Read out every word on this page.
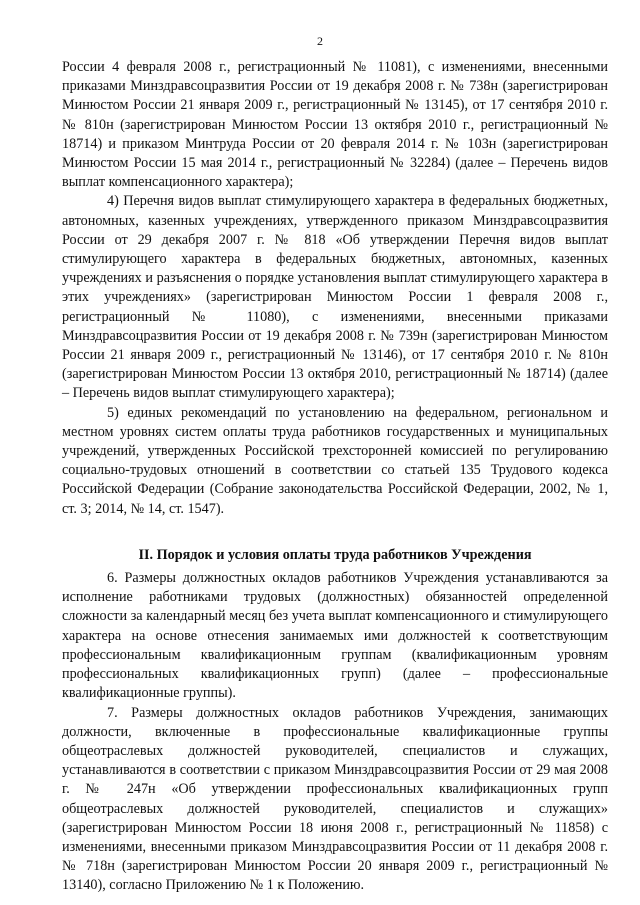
2

России 4 февраля 2008 г., регистрационный № 11081), с изменениями, внесенными приказами Минздравсоцразвития России от 19 декабря 2008 г. № 738н (зарегистрирован Минюстом России 21 января 2009 г., регистрационный № 13145), от 17 сентября 2010 г. № 810н (зарегистрирован Минюстом России 13 октября 2010 г., регистрационный № 18714) и приказом Минтруда России от 20 февраля 2014 г. № 103н (зарегистрирован Минюстом России 15 мая 2014 г., регистрационный № 32284) (далее – Перечень видов выплат компенсационного характера);

4) Перечня видов выплат стимулирующего характера в федеральных бюджетных, автономных, казенных учреждениях, утвержденного приказом Минздравсоцразвития России от 29 декабря 2007 г. № 818 «Об утверждении Перечня видов выплат стимулирующего характера в федеральных бюджетных, автономных, казенных учреждениях и разъяснения о порядке установления выплат стимулирующего характера в этих учреждениях» (зарегистрирован Минюстом России 1 февраля 2008 г., регистрационный № 11080), с изменениями, внесенными приказами Минздравсоцразвития России от 19 декабря 2008 г. № 739н (зарегистрирован Минюстом России 21 января 2009 г., регистрационный № 13146), от 17 сентября 2010 г. № 810н (зарегистрирован Минюстом России 13 октября 2010, регистрационный № 18714) (далее – Перечень видов выплат стимулирующего характера);

5) единых рекомендаций по установлению на федеральном, региональном и местном уровнях систем оплаты труда работников государственных и муниципальных учреждений, утвержденных Российской трехсторонней комиссией по регулированию социально-трудовых отношений в соответствии со статьей 135 Трудового кодекса Российской Федерации (Собрание законодательства Российской Федерации, 2002, № 1, ст. 3; 2014, № 14, ст. 1547).

II. Порядок и условия оплаты труда работников Учреждения

6. Размеры должностных окладов работников Учреждения устанавливаются за исполнение работниками трудовых (должностных) обязанностей определенной сложности за календарный месяц без учета выплат компенсационного и стимулирующего характера на основе отнесения занимаемых ими должностей к соответствующим профессиональным квалификационным группам (квалификационным уровням профессиональных квалификационных групп) (далее – профессиональные квалификационные группы).

7. Размеры должностных окладов работников Учреждения, занимающих должности, включенные в профессиональные квалификационные группы общеотраслевых должностей руководителей, специалистов и служащих, устанавливаются в соответствии с приказом Минздравсоцразвития России от 29 мая 2008 г. № 247н «Об утверждении профессиональных квалификационных групп общеотраслевых должностей руководителей, специалистов и служащих» (зарегистрирован Минюстом России 18 июня 2008 г., регистрационный № 11858) с изменениями, внесенными приказом Минздравсоцразвития России от 11 декабря 2008 г. № 718н (зарегистрирован Минюстом России 20 января 2009 г., регистрационный № 13140), согласно Приложению № 1 к Положению.
